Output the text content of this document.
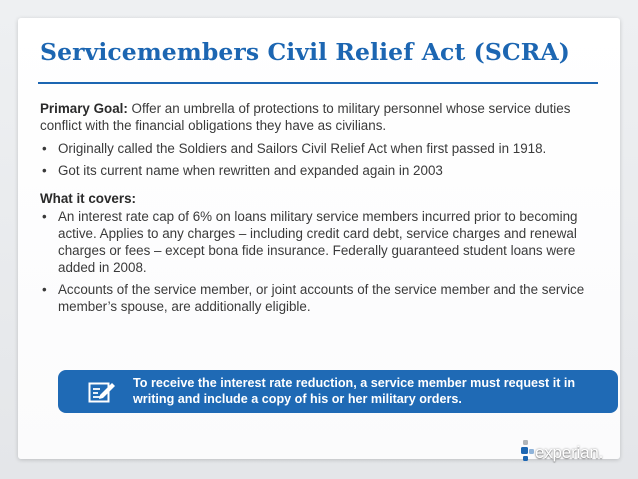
Servicemembers Civil Relief Act (SCRA)

Primary Goal: Offer an umbrella of protections to military personnel whose service duties conflict with the financial obligations they have as civilians.

• Originally called the Soldiers and Sailors Civil Relief Act when first passed in 1918.
• Got its current name when rewritten and expanded again in 2003

What it covers:

• An interest rate cap of 6% on loans military service members incurred prior to becoming active. Applies to any charges – including credit card debt, service charges and renewal charges or fees – except bona fide insurance. Federally guaranteed student loans were added in 2008.
• Accounts of the service member, or joint accounts of the service member and the service member’s spouse, are additionally eligible.

To receive the interest rate reduction, a service member must request it in writing and include a copy of his or her military orders.

experian.
